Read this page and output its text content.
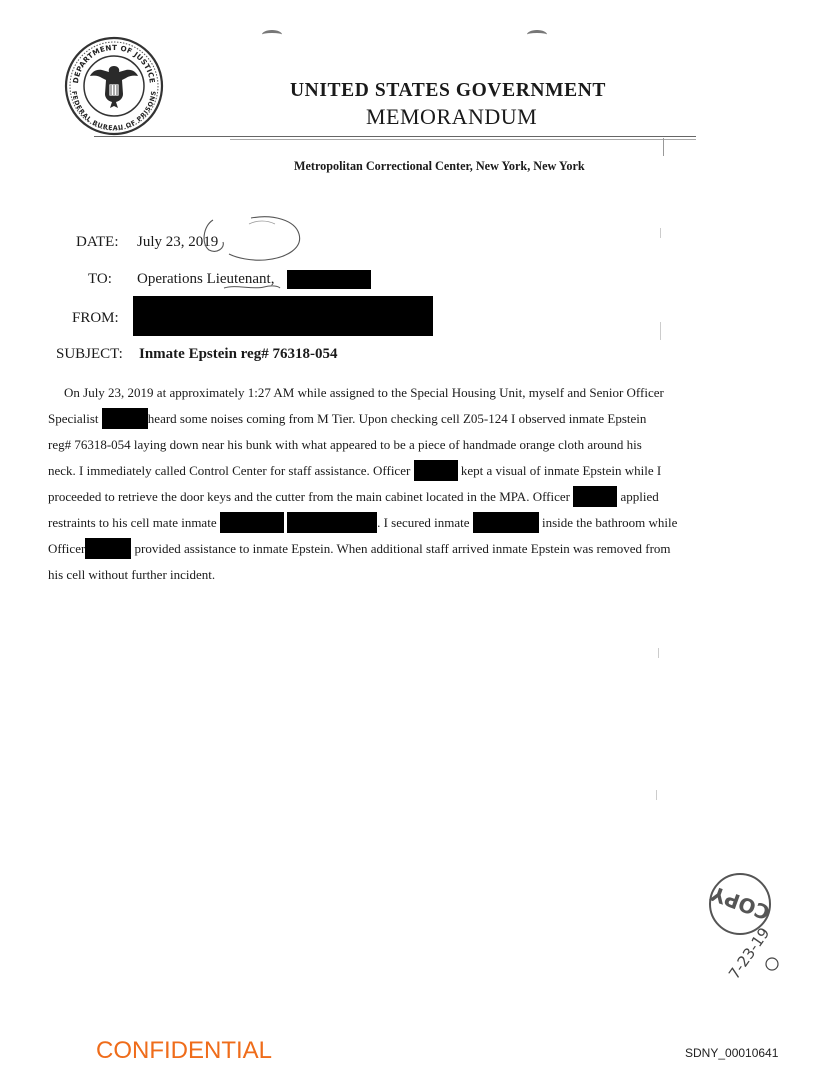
DEPARTMENT OF JUSTICE
FEDERAL BUREAU OF PRISONS	UNITED STATES GOVERNMENT
MEMORANDUM
Metropolitan Correctional Center, New York, New York
DATE: July 23, 2019
TO: Operations Lieutenant,
FROM:
SUBJECT: Inmate Epstein reg# 76318-054
On July 23, 2019 at approximately 1:27 AM while assigned to the Special Housing Unit, myself and Senior Officer
Specialist	heard some noises coming from M Tier. Upon checking cell Z05-124 I observed inmate Epstein
reg# 76318-054 laying down near his bunk with what appeared to be a piece of handmade orange cloth around his
neck. I immediately called Control Center for staff assistance. Officer	kept a visual of inmate Epstein while I
proceeded to retrieve the door keys and the cutter from the main cabinet located in the MPA. Officer	applied
restraints to his cell mate inmate	. I secured inmate	inside the bathroom while
Officer	provided assistance to inmate Epstein. When additional staff arrived inmate Epstein was removed from
his cell without further incident.
COPY
7-23-19
CONFIDENTIAL	SDNY_00010641
